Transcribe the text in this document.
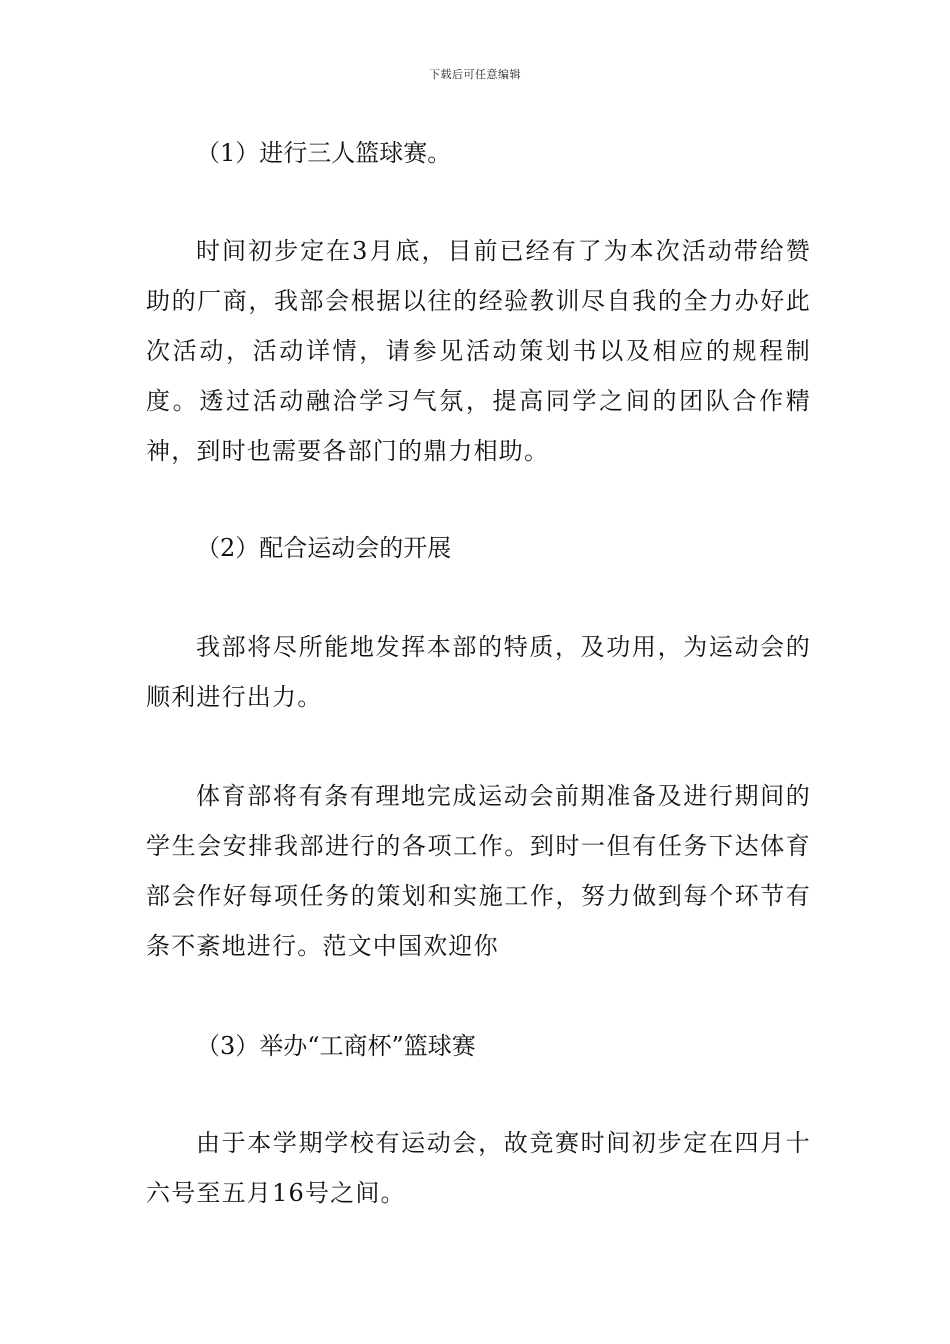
下载后可任意编辑
（1）进行三人篮球赛。

时间初步定在3月底，目前已经有了为本次活动带给赞助的厂商，我部会根据以往的经验教训尽自我的全力办好此次活动，活动详情，请参见活动策划书以及相应的规程制度。透过活动融洽学习气氛，提高同学之间的团队合作精神，到时也需要各部门的鼎力相助。

（2）配合运动会的开展

我部将尽所能地发挥本部的特质，及功用，为运动会的顺利进行出力。

体育部将有条有理地完成运动会前期准备及进行期间的学生会安排我部进行的各项工作。到时一但有任务下达体育部会作好每项任务的策划和实施工作，努力做到每个环节有条不紊地进行。范文中国欢迎你

（3）举办“工商杯”篮球赛

由于本学期学校有运动会，故竞赛时间初步定在四月十六号至五月16号之间。
